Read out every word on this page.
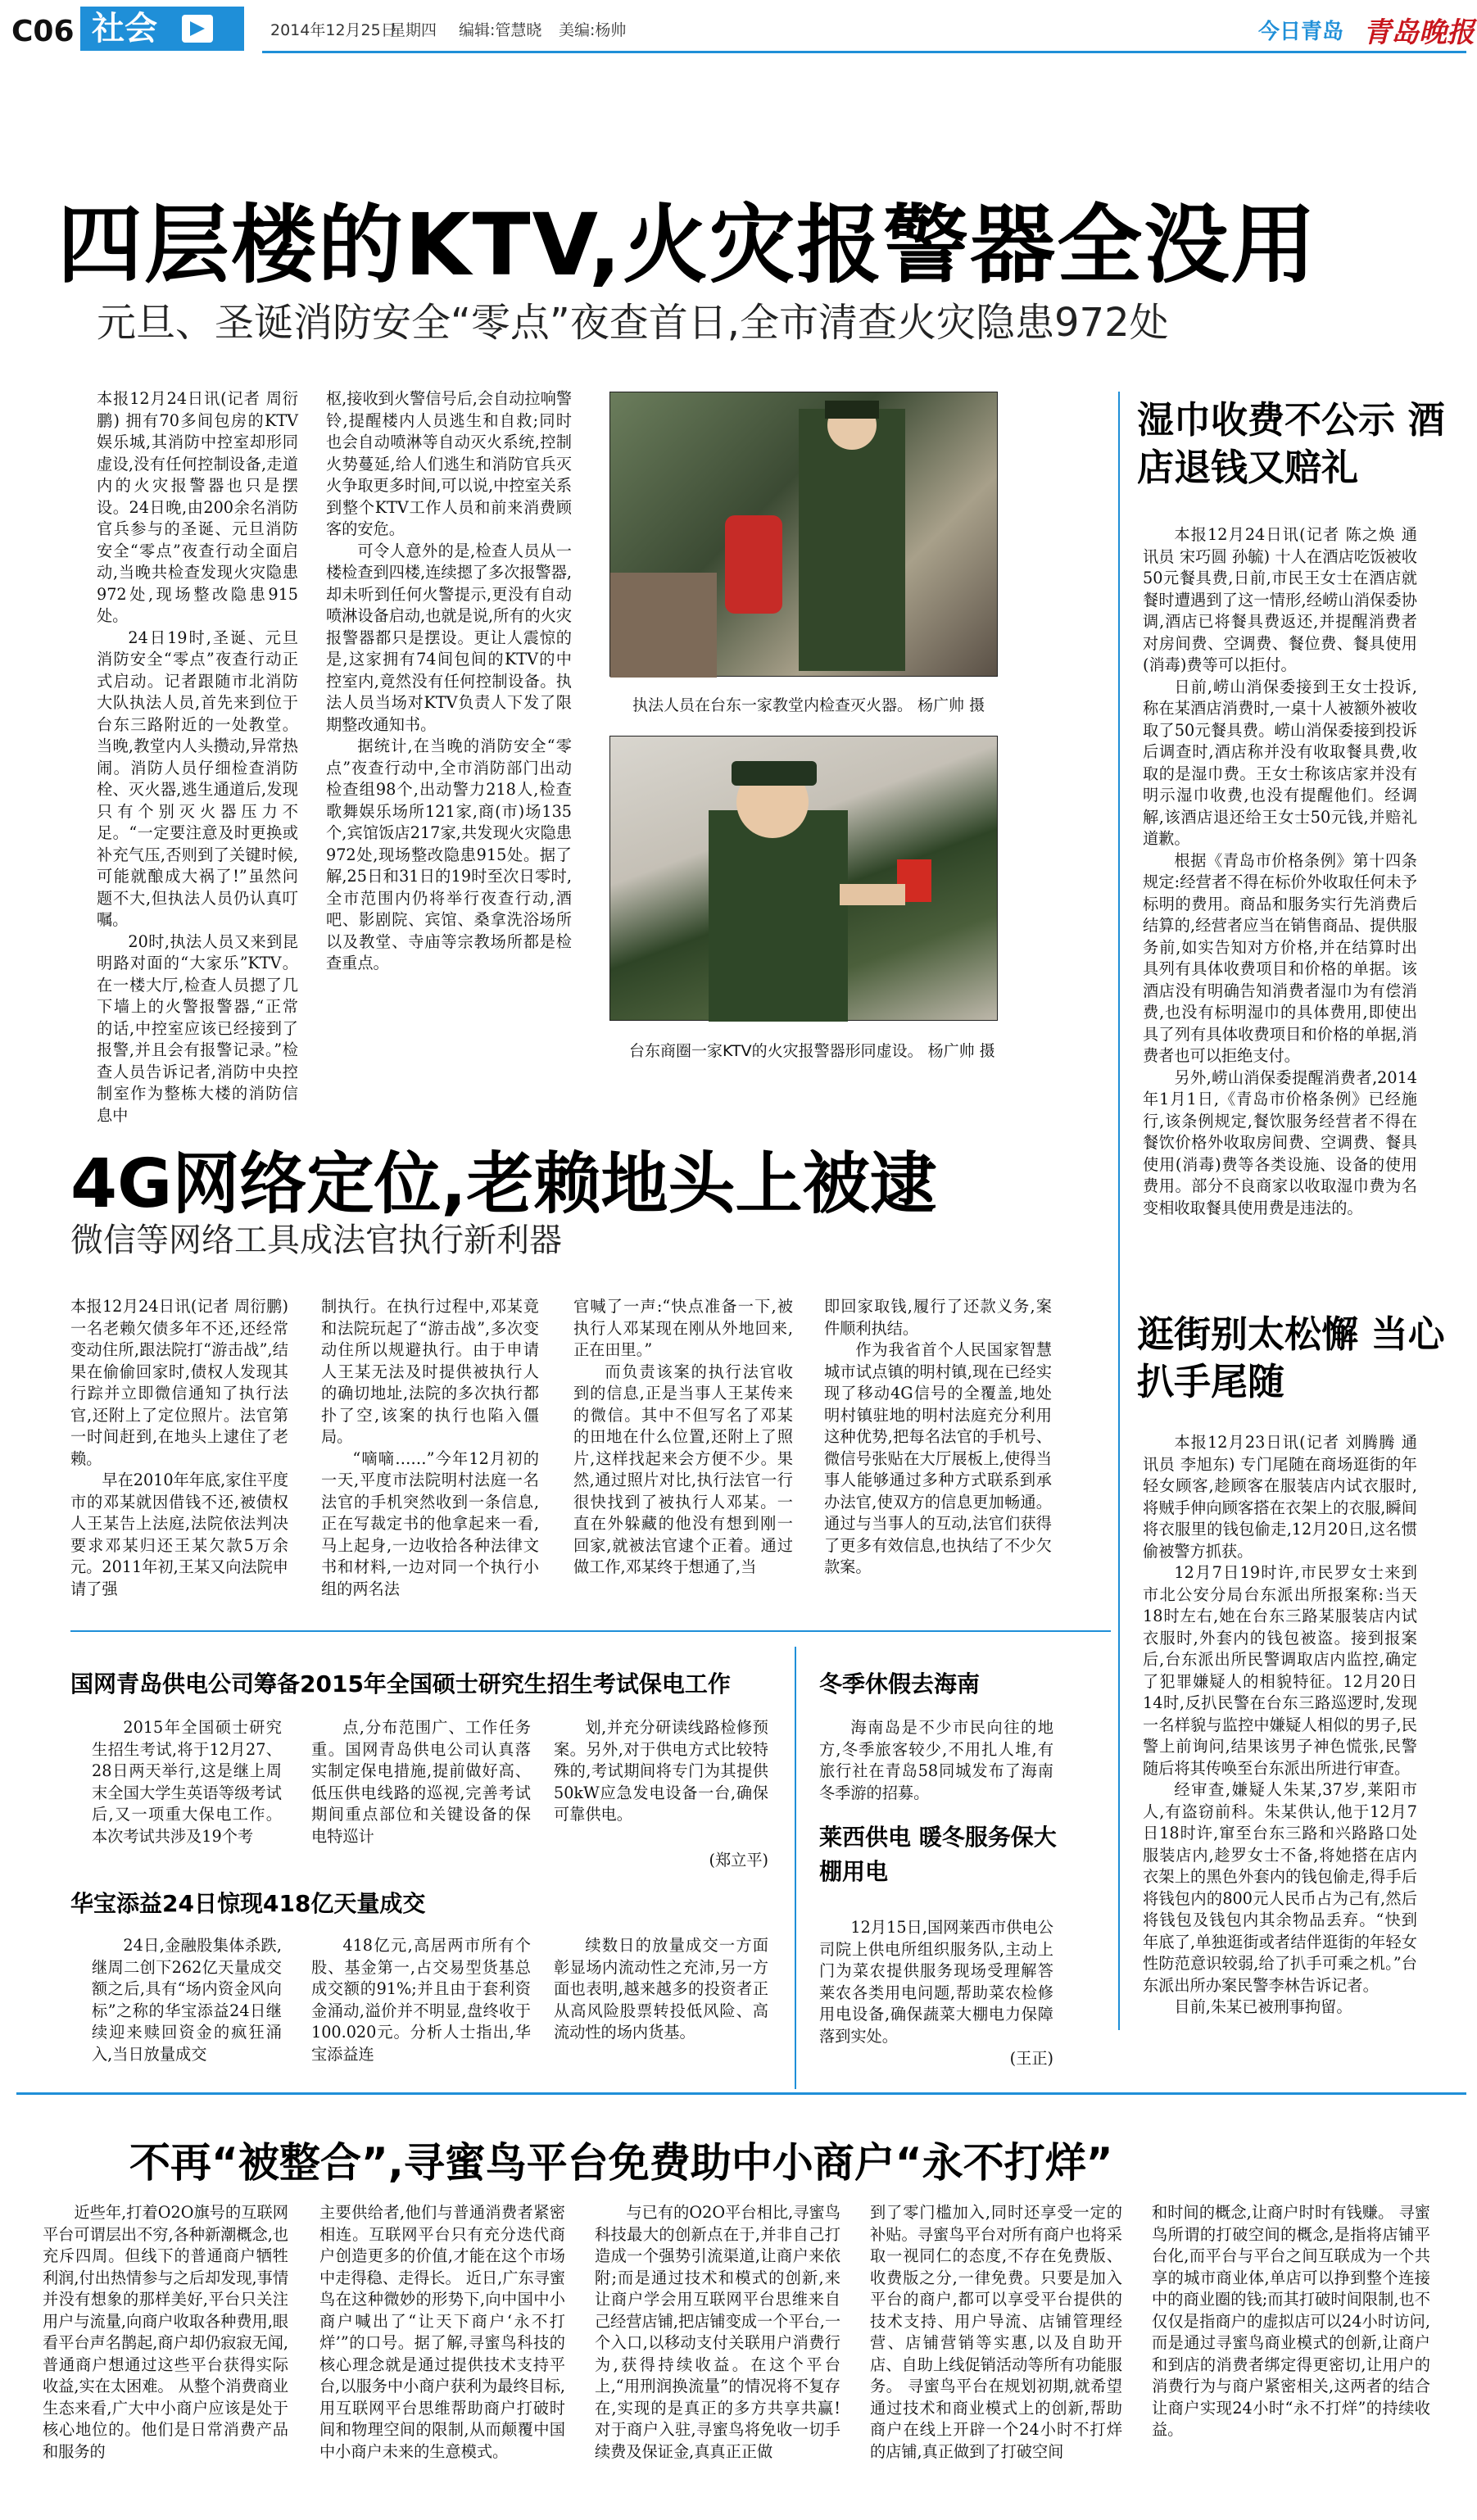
C06 社会	2014年12月25日
星期四 编辑:管慧晓 美编:杨帅	今日青岛 青岛晚报
四层楼的KTV,火灾报警器全没用
元旦、圣诞消防安全“零点”夜查首日,全市清查火灾隐患972处

本报12月24日讯(记者 周衍鹏) 拥有70多间包房的KTV娱乐城,其消防中控室却形同虚设,没有任何控制设备,走道内的火灾报警器也只是摆设。24日晚,由200余名消防官兵参与的圣诞、元旦消防安全“零点”夜查行动全面启动,当晚共检查发现火灾隐患972处,现场整改隐患915处。

24日19时,圣诞、元旦消防安全“零点”夜查行动正式启动。记者跟随市北消防大队执法人员,首先来到位于台东三路附近的一处教堂。当晚,教堂内人头攒动,异常热闹。消防人员仔细检查消防栓、灭火器,逃生通道后,发现只有个别灭火器压力不足。“一定要注意及时更换或补充气压,否则到了关键时候,可能就酿成大祸了!”虽然问题不大,但执法人员仍认真叮嘱。

20时,执法人员又来到昆明路对面的“大家乐”KTV。在一楼大厅,检查人员摁了几下墙上的火警报警器,“正常的话,中控室应该已经接到了报警,并且会有报警记录。”检查人员告诉记者,消防中央控制室作为整栋大楼的消防信息中

枢,接收到火警信号后,会自动拉响警铃,提醒楼内人员逃生和自救;同时也会自动喷淋等自动灭火系统,控制火势蔓延,给人们逃生和消防官兵灭火争取更多时间,可以说,中控室关系到整个KTV工作人员和前来消费顾客的安危。

可令人意外的是,检查人员从一楼检查到四楼,连续摁了多次报警器,却未听到任何火警提示,更没有自动喷淋设备启动,也就是说,所有的火灾报警器都只是摆设。更让人震惊的是,这家拥有74间包间的KTV的中控室内,竟然没有任何控制设备。执法人员当场对KTV负责人下发了限期整改通知书。

据统计,在当晚的消防安全“零点”夜查行动中,全市消防部门出动检查组98个,出动警力218人,检查歌舞娱乐场所121家,商(市)场135个,宾馆饭店217家,共发现火灾隐患972处,现场整改隐患915处。据了解,25日和31日的19时至次日零时,全市范围内仍将举行夜查行动,酒吧、影剧院、宾馆、桑拿洗浴场所以及教堂、寺庙等宗教场所都是检查重点。

执法人员在台东一家教堂内检查灭火器。 杨广帅 摄
台东商圈一家KTV的火灾报警器形同虚设。 杨广帅 摄
湿巾收费不公示 酒店退钱又赔礼

本报12月24日讯(记者 陈之焕 通讯员 宋巧圆 孙毓) 十人在酒店吃饭被收50元餐具费,日前,市民王女士在酒店就餐时遭遇到了这一情形,经崂山消保委协调,酒店已将餐具费返还,并提醒消费者对房间费、空调费、餐位费、餐具使用(消毒)费等可以拒付。

日前,崂山消保委接到王女士投诉,称在某酒店消费时,一桌十人被额外被收取了50元餐具费。崂山消保委接到投诉后调查时,酒店称并没有收取餐具费,收取的是湿巾费。王女士称该店家并没有明示湿巾收费,也没有提醒他们。经调解,该酒店退还给王女士50元钱,并赔礼道歉。

根据《青岛市价格条例》第十四条规定:经营者不得在标价外收取任何未予标明的费用。商品和服务实行先消费后结算的,经营者应当在销售商品、提供服务前,如实告知对方价格,并在结算时出具列有具体收费项目和价格的单据。该酒店没有明确告知消费者湿巾为有偿消费,也没有标明湿巾的具体费用,即使出具了列有具体收费项目和价格的单据,消费者也可以拒绝支付。

另外,崂山消保委提醒消费者,2014年1月1日,《青岛市价格条例》已经施行,该条例规定,餐饮服务经营者不得在餐饮价格外收取房间费、空调费、餐具使用(消毒)费等各类设施、设备的使用费用。部分不良商家以收取湿巾费为名变相收取餐具使用费是违法的。

4G网络定位,老赖地头上被逮
微信等网络工具成法官执行新利器

本报12月24日讯(记者 周衍鹏) 一名老赖欠债多年不还,还经常变动住所,跟法院打“游击战”,结果在偷偷回家时,债权人发现其行踪并立即微信通知了执行法官,还附上了定位照片。法官第一时间赶到,在地头上逮住了老赖。

早在2010年年底,家住平度市的邓某就因借钱不还,被债权人王某告上法庭,法院依法判决要求邓某归还王某欠款5万余元。2011年初,王某又向法院申请了强

制执行。在执行过程中,邓某竟和法院玩起了“游击战”,多次变动住所以规避执行。由于申请人王某无法及时提供被执行人的确切地址,法院的多次执行都扑了空,该案的执行也陷入僵局。

“嘀嘀……”今年12月初的一天,平度市法院明村法庭一名法官的手机突然收到一条信息,正在写裁定书的他拿起来一看,马上起身,一边收拾各种法律文书和材料,一边对同一个执行小组的两名法

官喊了一声:“快点准备一下,被执行人邓某现在刚从外地回来,正在田里。”

而负责该案的执行法官收到的信息,正是当事人王某传来的微信。其中不但写名了邓某的田地在什么位置,还附上了照片,这样找起来会方便不少。果然,通过照片对比,执行法官一行很快找到了被执行人邓某。一直在外躲藏的他没有想到刚一回家,就被法官逮个正着。通过做工作,邓某终于想通了,当

即回家取钱,履行了还款义务,案件顺利执结。

作为我省首个人民国家智慧城市试点镇的明村镇,现在已经实现了移动4G信号的全覆盖,地处明村镇驻地的明村法庭充分利用这种优势,把每名法官的手机号、微信号张贴在大厅展板上,使得当事人能够通过多种方式联系到承办法官,使双方的信息更加畅通。通过与当事人的互动,法官们获得了更多有效信息,也执结了不少欠款案。

逛街别太松懈 当心扒手尾随

本报12月23日讯(记者 刘腾腾 通讯员 李旭东) 专门尾随在商场逛街的年轻女顾客,趁顾客在服装店内试衣服时,将贼手伸向顾客搭在衣架上的衣服,瞬间将衣服里的钱包偷走,12月20日,这名惯偷被警方抓获。

12月7日19时许,市民罗女士来到市北公安分局台东派出所报案称:当天18时左右,她在台东三路某服装店内试衣服时,外套内的钱包被盗。接到报案后,台东派出所民警调取店内监控,确定了犯罪嫌疑人的相貌特征。12月20日14时,反扒民警在台东三路巡逻时,发现一名样貌与监控中嫌疑人相似的男子,民警上前询问,结果该男子神色慌张,民警随后将其传唤至台东派出所进行审查。

经审查,嫌疑人朱某,37岁,莱阳市人,有盗窃前科。朱某供认,他于12月7日18时许,窜至台东三路和兴路路口处服装店内,趁罗女士不备,将她搭在店内衣架上的黑色外套内的钱包偷走,得手后将钱包内的800元人民币占为己有,然后将钱包及钱包内其余物品丢弃。“快到年底了,单独逛街或者结伴逛街的年轻女性防范意识较弱,给了扒手可乘之机。”台东派出所办案民警李林告诉记者。

目前,朱某已被刑事拘留。

国网青岛供电公司筹备2015年全国硕士研究生招生考试保电工作

2015年全国硕士研究生招生考试,将于12月27、28日两天举行,这是继上周末全国大学生英语等级考试后,又一项重大保电工作。本次考试共涉及19个考

点,分布范围广、工作任务重。国网青岛供电公司认真落实制定保电措施,提前做好高、低压供电线路的巡视,完善考试期间重点部位和关键设备的保电特巡计

划,并充分研读线路检修预案。另外,对于供电方式比较特殊的,考试期间将专门为其提供50kW应急发电设备一台,确保可靠供电。

(郑立平)
华宝添益24日惊现418亿天量成交

24日,金融股集体杀跌,继周二创下262亿天量成交额之后,具有“场内资金风向标”之称的华宝添益24日继续迎来赎回资金的疯狂涌入,当日放量成交

418亿元,高居两市所有个股、基金第一,占交易型货基总成交额的91%;并且由于套利资金涌动,溢价并不明显,盘终收于100.020元。分析人士指出,华宝添益连

续数日的放量成交一方面彰显场内流动性之充沛,另一方面也表明,越来越多的投资者正从高风险股票转投低风险、高流动性的场内货基。

冬季休假去海南

海南岛是不少市民向往的地方,冬季旅客较少,不用扎人堆,有旅行社在青岛58同城发布了海南冬季游的招募。

莱西供电 暖冬服务保大棚用电

12月15日,国网莱西市供电公司院上供电所组织服务队,主动上门为菜农提供服务现场受理解答莱农各类用电问题,帮助菜农检修用电设备,确保蔬菜大棚电力保障落到实处。

(王正)
不再“被整合”,寻蜜鸟平台免费助中小商户“永不打烊”

近些年,打着O2O旗号的互联网平台可谓层出不穷,各种新潮概念,也充斥四周。但线下的普通商户牺牲利润,付出热情参与之后却发现,事情并没有想象的那样美好,平台只关注用户与流量,向商户收取各种费用,眼看平台声名鹊起,商户却仍寂寂无闻,普通商户想通过这些平台获得实际收益,实在太困难。 从整个消费商业生态来看,广大中小商户应该是处于核心地位的。他们是日常消费产品和服务的

主要供给者,他们与普通消费者紧密相连。互联网平台只有充分迭代商户创造更多的价值,才能在这个市场中走得稳、走得长。 近日,广东寻蜜鸟在这种微妙的形势下,向中国中小商户喊出了“让天下商户‘永不打烊’”的口号。据了解,寻蜜鸟科技的核心理念就是通过提供技术支持平台,以服务中小商户获利为最终目标,用互联网平台思维帮助商户打破时间和物理空间的限制,从而颠覆中国中小商户未来的生意模式。

与已有的O2O平台相比,寻蜜鸟科技最大的创新点在于,并非自己打造成一个强势引流渠道,让商户来依附;而是通过技术和模式的创新,来让商户学会用互联网平台思维来自己经营店铺,把店铺变成一个平台,一个入口,以移动支付关联用户消费行为,获得持续收益。在这个平台上,“用刑润换流量”的情况将不复存在,实现的是真正的多方共享共赢! 对于商户入驻,寻蜜鸟将免收一切手续费及保证金,真真正正做

到了零门槛加入,同时还享受一定的补贴。寻蜜鸟平台对所有商户也将采取一视同仁的态度,不存在免费版、收费版之分,一律免费。只要是加入平台的商户,都可以享受平台提供的技术支持、用户导流、店铺管理经营、店铺营销等实惠,以及自助开店、自助上线促销活动等所有功能服务。 寻蜜鸟平台在规划初期,就希望通过技术和商业模式上的创新,帮助商户在线上开辟一个24小时不打烊的店铺,真正做到了打破空间

和时间的概念,让商户时时有钱赚。 寻蜜鸟所谓的打破空间的概念,是指将店铺平台化,而平台与平台之间互联成为一个共享的城市商业体,单店可以挣到整个连接中的商业圈的钱;而其打破时间限制,也不仅仅是指商户的虚拟店可以24小时访问,而是通过寻蜜鸟商业模式的创新,让商户和到店的消费者绑定得更密切,让用户的消费行为与商户紧密相关,这两者的结合让商户实现24小时“永不打烊”的持续收益。
